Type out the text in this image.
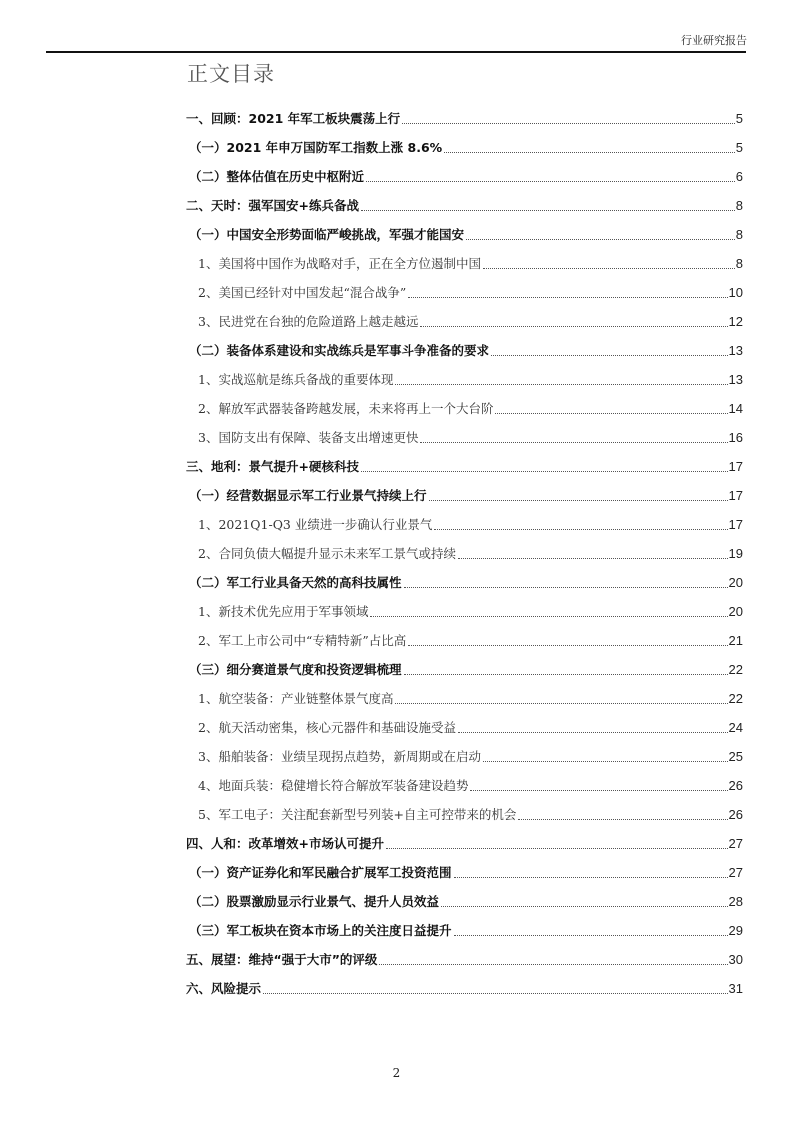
行业研究报告
正文目录
一、回顾：2021 年军工板块震荡上行	5
（一）2021 年申万国防军工指数上涨 8.6%	5
（二）整体估值在历史中枢附近	6
二、天时：强军国安+练兵备战	8
（一）中国安全形势面临严峻挑战，军强才能国安	8
1、美国将中国作为战略对手，正在全方位遏制中国	8
2、美国已经针对中国发起“混合战争”	10
3、民进党在台独的危险道路上越走越远	12
（二）装备体系建设和实战练兵是军事斗争准备的要求	13
1、实战巡航是练兵备战的重要体现	13
2、解放军武器装备跨越发展，未来将再上一个大台阶	14
3、国防支出有保障、装备支出增速更快	16
三、地利：景气提升+硬核科技	17
（一）经营数据显示军工行业景气持续上行	17
1、2021Q1-Q3 业绩进一步确认行业景气	17
2、合同负债大幅提升显示未来军工景气或持续	19
（二）军工行业具备天然的高科技属性	20
1、新技术优先应用于军事领域	20
2、军工上市公司中“专精特新”占比高	21
（三）细分赛道景气度和投资逻辑梳理	22
1、航空装备：产业链整体景气度高	22
2、航天活动密集，核心元器件和基础设施受益	24
3、船舶装备：业绩呈现拐点趋势，新周期或在启动	25
4、地面兵装：稳健增长符合解放军装备建设趋势	26
5、军工电子：关注配套新型号列装+自主可控带来的机会	26
四、人和：改革增效+市场认可提升	27
（一）资产证券化和军民融合扩展军工投资范围	27
（二）股票激励显示行业景气、提升人员效益	28
（三）军工板块在资本市场上的关注度日益提升	29
五、展望：维持“强于大市”的评级	30
六、风险提示	31
2
